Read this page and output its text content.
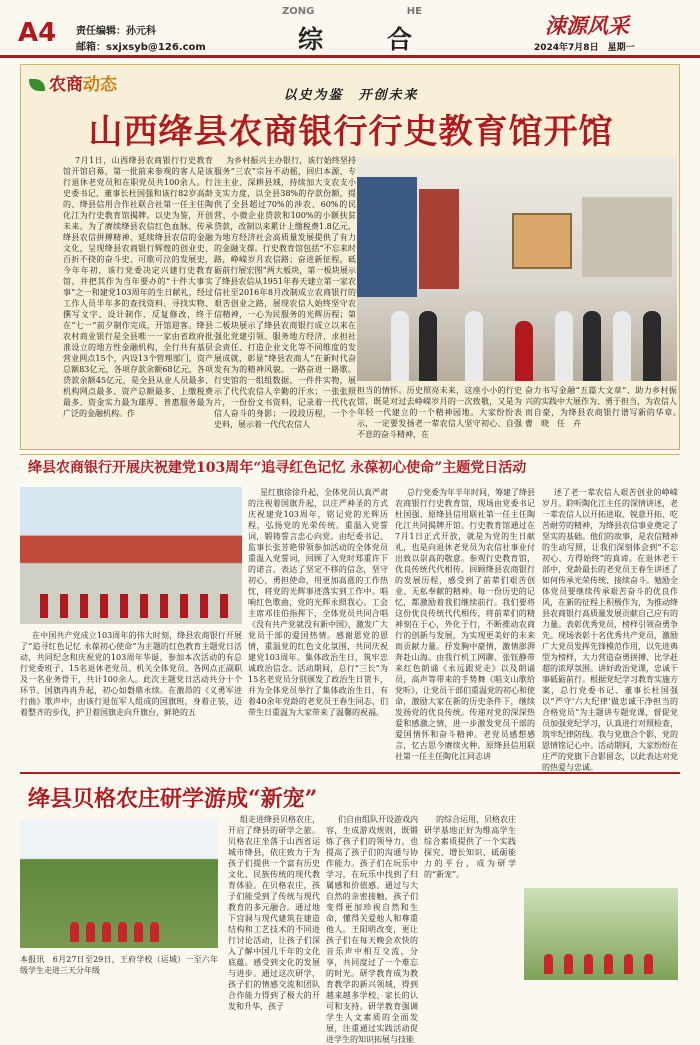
A4 责任编辑：孙元科
邮箱：sxjxsyb@126.com
ZONG	HE
综	合	涑源风采
2024年7月8日　星期一
农商动态
以史为鉴　开创未来
山西绛县农商银行行史教育馆开馆
7月1日，山西绛县农商银行行史教育馆开馆启幕，第一批前来参观的客人是该行退休老党员和在职党员共100余人。行史委书记、董事长杜国强和该行82岁高龄的、绛县信用合作社联合社第一任主任陶化江为行史教育馆揭牌。以史为鉴，开创未来。为了赓续绛县农信红色血脉、传承绛县农信拼搏精神、延续绛县农信的金融文化，呈现绛县农商银行辉煌的创业史、百折不挠的奋斗史、可歌可泣的发展史，今年年初，该行党委决定兴建行史教育馆，并把其作为当年要办的“十件大事实事”之一和建党103周年的生日献礼，经过工作人员半年多的查找资料、寻找实物、撰写文字、设计制作、反复修改，终于在“七一”前夕制作完成，开馆迎客。绛县农村商业银行是全县唯一一家由省政府批准设立的地方性金融机构，全行共有基层营业网点15个，内设13个管理部门，资产总额83亿元，各项存款余额68亿元，各项贷款余额45亿元，是全县从业人员最多、机构网点最多、资产总额最多、上缴税费最多、资金实力最为雄厚、普惠服务最为广泛的金融机构。作
为乡村振兴主办银行，该行始终坚持服务“三农”宗旨不动摇，回归本源、专注主业、深耕县域，持续加大支农支小支实力度，以全县38%的存款份额，提供了全县超过70%的涉农、60%的民营、小微企业贷款和100%的小额扶贫贷款，改制以来累计上缴税费1.8亿元，为地方经济社会高质量发展提供了有力的金融支撑。行史教育馆包括“不忘来时路，峥嵘岁月农信路；奋进新征程，砥砺前行展宏图”两大板块，第一板块展示了绛县农信从1951年春天建立第一家农信社至2016年8月改制成立农商银行的艰苦创业之路，展现农信人始终坚守农信精神，一心为民服务的光辉历程；第二板块展示了绛县农商银行成立以来在强化党建引领、服务地方经济、求担社会责任、打造企业文化等不同维度的发展成就，彰显“绛县农商人”在新时代奋发有为的精神风貌。一路奋进一路歌。行史馆的一组组数据、一件件实物，展示了代代农信人辛勤的汗水；一张张照片，一份份文书资料，记录着一代代农信人奋斗的身影；一段段历程，一个个史料，展示着一代代农信人
担当的情怀。历史照亮未来，这座小小的行史馆，既是对过去峥嵘岁月的一次致敬，又是为年轻一代建立的一个精神园地。大家纷纷表示，一定要发扬老一辈农信人坚守初心、自强不息的奋斗精神，在
奋力书写金融“五篇大文章”、助力乡村振兴的实践中大展作为、勇于担当，为农信人而自豪，为绛县农商银行谱写新的华章。　曹　晓　任　卉
绛县农商银行开展庆祝建党103周年“追寻红色记忆 永葆初心使命”主题党日活动
在中国共产党成立103周年的伟大时刻，绛县农商银行开展了“追寻红色记忆 永葆初心使命”为主题的红色教育主题党日活动，共同纪念和庆祝党的103周年华诞，参加本次活动的有总行党委班子、15名退休老党员、机关全体党员、各网点正副职及一名业务骨干，共计100余人。此次主题党日活动共分十个环节。国旗冉冉升起，初心如磐鼎永续。在激昂的《义勇军进行曲》歌声中，由该行退伍军人组成的国旗班，身着正装，迈着整齐的步伐，护卫着国旗走向升旗台，鲜艳的五
星红旗徐徐升起，全体党员认真严肃的注视着国旗升起，以庄严神圣的方式庆祝建党103周年，铭记党的光辉历程，弘扬党的光荣传统。重温入党誓词，锻铸誓言忠心向党。由纪委书记、监事长张芳艳带领参加活动的全体党员重温入党誓词，回顾了入党时郑重许下的诺言，表达了坚定不移的信念，坚守初心，勇担使命，用更加高涨的工作热忱，将党的光辉事迹落实到工作中。唱响红色歌曲，党的光辉永照我心。工会主席邓佳伯指挥下，全体党员共同合唱《没有共产党就没有新中国》，激发广大党员干部的爱国热情。感谢恩党的恩情，重温党的红色文化氛围，共同庆祝建党103周年。集体政治生日，筑牢忠诚政治信念。活动期间，总行“三长”为15名老党员分别颁发了政治生日贺卡，并为全体党员举行了集体政治生日，有着40余年党龄的老党员王春生同志，们带生日重温为大家带来了温馨的祝福。
总行党委为年半年时间，筹建了绛县农商银行行史教育馆，现场由党委书记杜国强、原绛县信用联社第一任主任陶化江共同揭牌开馆。行史教育馆通过在7月1日正式开放，就是为党的生日献礼，也是向退休老党员为农信社事业付出致以崇高的敬意。参观行史教育馆，优良传统代代相传。回顾绛县农商银行的发展历程，感受到了前辈们艰苦创业、无私奉献的精神。每一份历史的记忆，都激励着我们继续前行。我们要将这份优良传统代代相传，将前辈们的精神刻在于心，外化于行，不断推动农商行的创新与发展，为实现更美好的未来而贡献力量。抒发胸中豪情，激情澎湃奔赴山海。由我行机工网聊、张钰静带来红色朗诵《永远跟党走》以及朗诵员，高声等带来的手势舞《唱支山歌给党听》，让党员干部们重温党的初心和使命，激励大家在新的历史条件下，继续发扬党的优良传统。传递对党的深深热爱和感激之情，进一步激发党员干部的爱国情怀和奋斗精神。老党员感想感言，忆古思今赓续火种。原绛县信用联社第一任主任陶化江同志讲
述了老一辈农信人艰苦创业的峥嵘岁月。聆听陶化江主任的深情讲述，老一辈农信人以开拓进取、锐意开拓、吃苦耐劳的精神，为绛县农信事业奠定了坚实的基础。他们的故事，是农信精神的生动写照，让我们深刻体会到“不忘初心、方得始终”的真谛。在退休老干部中，党龄最长的老党员王春生讲述了如何传承光荣传统、接续奋斗。勉励全体党员要继续传承艰苦奋斗的优良作风，在新的征程上积极作为，为推动绛县农商银行高质量发展贡献自己应有的力量。表彰优秀党员，榜样引领奋勇争先。现场表彰十名优秀共产党员，激励广大党员发挥先锋模范作用，以先进典型为榜样，大力营造奋勇拼搏、比学赶超的浓厚氛围。讲好政治党课，忠诚干事砥砺前行。根据党纪学习教育实施方案，总行党委书记、董事长杜国强以“严守‘六大纪律’做忠诚干净担当的合格党员”为主题讲专题党课，督促党员加强党纪学习，认真进行对照检查，筑牢纪律防线。我与党旗合个影，党的恩情铭记心中。活动期间，大家纷纷在庄严的党旗下合影留念，以此表达对党的热爱与忠诚。
绛县贝格农庄研学游成“新宠”
本报讯　6月27日至29日，王府学校（运城）一至六年级学生走进三天分年级
组走进绛县贝格农庄，开启了绛县的研学之旅。贝格农庄坐落于山西省运城市绛县，依庄致力于为孩子们提供一个富有历史文化、民族传统的现代教育体验。在贝格农庄，孩子们能受到了传统与现代教育的多元融合。通过地下宫洞与现代建筑在建造结构和工艺技术的不同进行讨论活动，让孩子们深入了解中国几千年的文化底蕴。感受到文化的发展与进步。通过这次研学，孩子们的情感交流和团队合作能力得到了极大的开发和升华，孩子
们自由组队开设游戏内容，生成游戏规则，既锻炼了孩子们的领导力，也提高了孩子们的沟通与协作能力。孩子们在玩乐中学习，在玩乐中找到了归属感和价值感。通过与大自然的亲密接触，孩子们变得更加珍视自然和生命，懂得关爱他人和尊重他人。王阳明改变，更让孩子们在每天晚会欢快的音乐声中相互交流，分享，共同度过了一个难忘的时光。研学教育成为教育教学的新兴领域，得到越来越多学校、家长的认可和支持。研学教育强调学生人文素质的全面发展，注重通过实践活动促进学生的知识拓展与技能
的综合运用，贝格农庄研学基地正好为维高学生综合素质提供了一个实践探究、增长知识、砥砺能力的平台，成为研学的“新宠”。
